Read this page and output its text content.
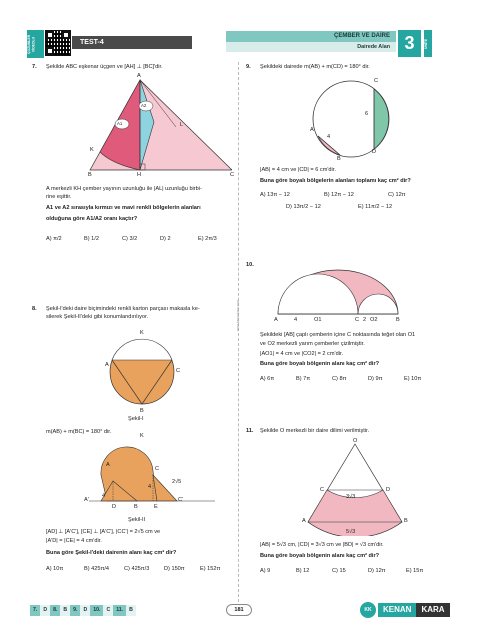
ÇÖZÜMLER VİDEOLU	TEST-4
ÇEMBER VE DAİRE
Dairede Alan 3	ÜNİTE
www.kenankara.com
7. Şekilde ABC eşkenar üçgen ve [AH] ⊥ [BC]'dir.
A
L
K
A1
A2
B	H	C
A merkezli KH çember yayının uzunluğu ile |AL| uzunluğu birbi-
rine eşittir.
A1 ve A2 sırasıyla kırmızı ve mavi renkli bölgelerin alanları
olduğuna göre A1/A2 oranı kaçtır?
A) π/2	B) 1/2	C) 3/2	D) 2	E) 2π/3
8. Şekil-I'deki daire biçimindeki renkli karton parçası makasla ke-
silerek Şekil-II'deki gibi konumlandırılıyor.
K
A
C
B
Şekil-I
m(AB) + m(BC) = 180° dir.
K
A
C
A'	C'
D	B	E
4
4
2√5
Şekil-II
[AD] ⊥ [A'C'], [CE] ⊥ [A'C'], |CC'| = 2√5 cm ve
|A'D| = |CE| = 4 cm'dir.
Buna göre Şekil-I'deki dairenin alanı kaç cm² dir?
A) 10π	B) 425π/4	C) 425π/3	D) 150π	E) 152π
9. Şekildeki dairede m(AB) + m(CD) = 180° dir.
C
6
A
4
B
D
|AB| = 4 cm ve |CD| = 6 cm'dir.
Buna göre boyalı bölgelerin alanları toplamı kaç cm² dir?
A) 13π − 12	B) 12π − 12	C) 12π
D) 13π/2 − 12	E) 11π/2 − 12
10.
A	4	O1	C 2 O2	B
Şekildeki [AB] çaplı çemberin içine C noktasında teğet olan O1
ve O2 merkezli yarım çemberler çizilmiştir.
|AO1| = 4 cm ve |CO2| = 2 cm'dir.
Buna göre boyalı bölgenin alanı kaç cm² dir?
A) 6π	B) 7π	C) 8π	D) 9π	E) 10π
11. Şekilde O merkezli bir daire dilimi verilmiştir.
O
C	D
3√3
A	B
5√3
|AB| = 5√3 cm, |CD| = 3√3 cm ve |BD| = √3 cm'dir.
Buna göre boyalı bölgenin alanı kaç cm² dir?
A) 9	B) 12	C) 15	D) 12π	E) 15π
7.	D	8.	B	9.	D	10.	C	11.	B	181	KK	KENAN	KARA
